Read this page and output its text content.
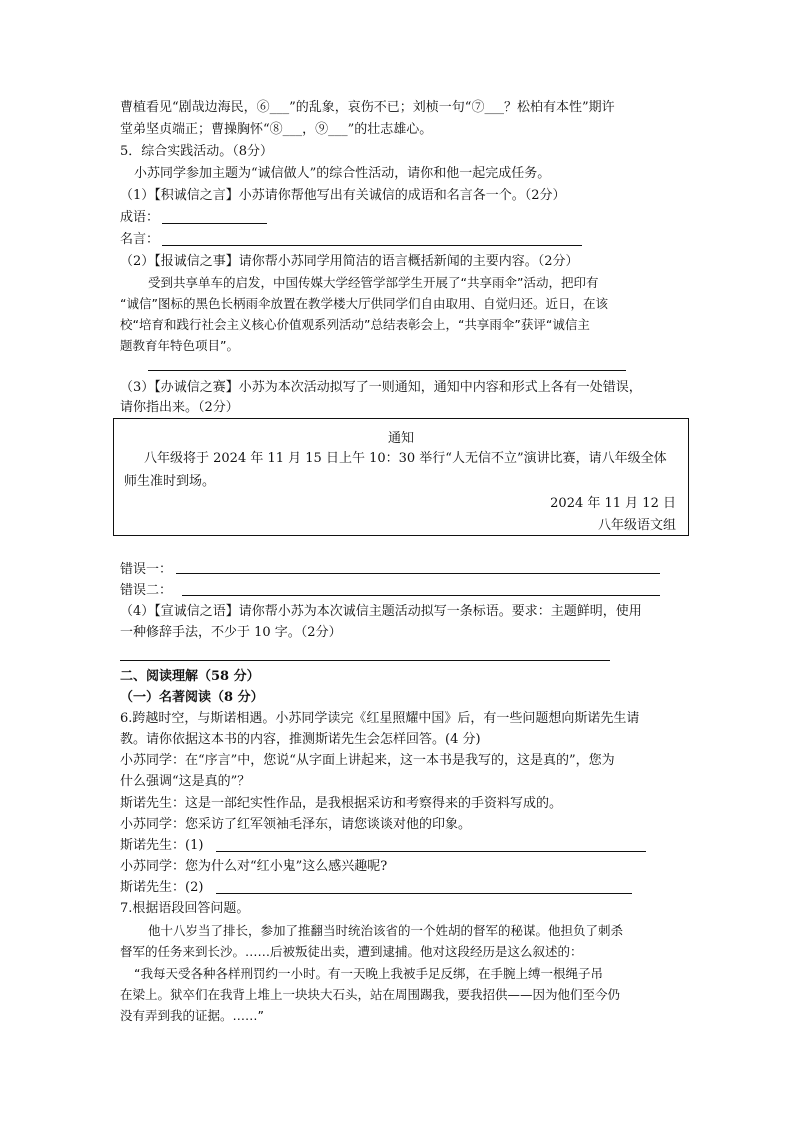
曹植看见“剧哉边海民，⑥___”的乱象，哀伤不已；刘桢一句“⑦___？松柏有本性”期许
堂弟坚贞端正；曹操胸怀“⑧___，⑨___”的壮志雄心。
5．综合实践活动。（8分）
小苏同学参加主题为“诚信做人”的综合性活动，请你和他一起完成任务。
（1）【积诚信之言】小苏请你帮他写出有关诚信的成语和名言各一个。（2分）
成语：
名言：
（2）【报诚信之事】请你帮小苏同学用简洁的语言概括新闻的主要内容。（2分）
受到共享单车的启发，中国传媒大学经管学部学生开展了“共享雨伞”活动，把印有
“诚信”图标的黑色长柄雨伞放置在教学楼大厅供同学们自由取用、自觉归还。近日，在该
校“培育和践行社会主义核心价值观系列活动”总结表彰会上，“共享雨伞”获评“诚信主
题教育年特色项目”。
（3）【办诚信之赛】小苏为本次活动拟写了一则通知，通知中内容和形式上各有一处错误，
请你指出来。（2分）
通知
八年级将于 2024 年 11 月 15 日上午 10：30 举行“人无信不立”演讲比赛，请八年级全体
师生准时到场。
2024 年 11 月 12 日
八年级语文组
错误一：
错误二：
（4）【宣诚信之语】请你帮小苏为本次诚信主题活动拟写一条标语。要求：主题鲜明，使用
一种修辞手法，不少于 10 字。（2分）
二、阅读理解（58 分）
（一）名著阅读（8 分）
6.跨越时空，与斯诺相遇。小苏同学读完《红星照耀中国》后，有一些问题想向斯诺先生请
教。请你依据这本书的内容，推测斯诺先生会怎样回答。(4 分)
小苏同学：在“序言”中，您说“从字面上讲起来，这一本书是我写的，这是真的”，您为
什么强调“这是真的”？
斯诺先生：这是一部纪实性作品，是我根据采访和考察得来的手资料写成的。
小苏同学：您采访了红军领袖毛泽东，请您谈谈对他的印象。
斯诺先生：(1)
小苏同学：您为什么对“红小鬼”这么感兴趣呢?
斯诺先生：(2)
7.根据语段回答问题。
他十八岁当了排长，参加了推翻当时统治该省的一个姓胡的督军的秘谋。他担负了刺杀
督军的任务来到长沙。……后被叛徒出卖，遭到逮捕。他对这段经历是这么叙述的：
“我每天受各种各样刑罚约一小时。有一天晚上我被手足反绑，在手腕上缚一根绳子吊
在梁上。狱卒们在我背上堆上一块块大石头，站在周围踢我，要我招供——因为他们至今仍
没有弄到我的证据。……”
